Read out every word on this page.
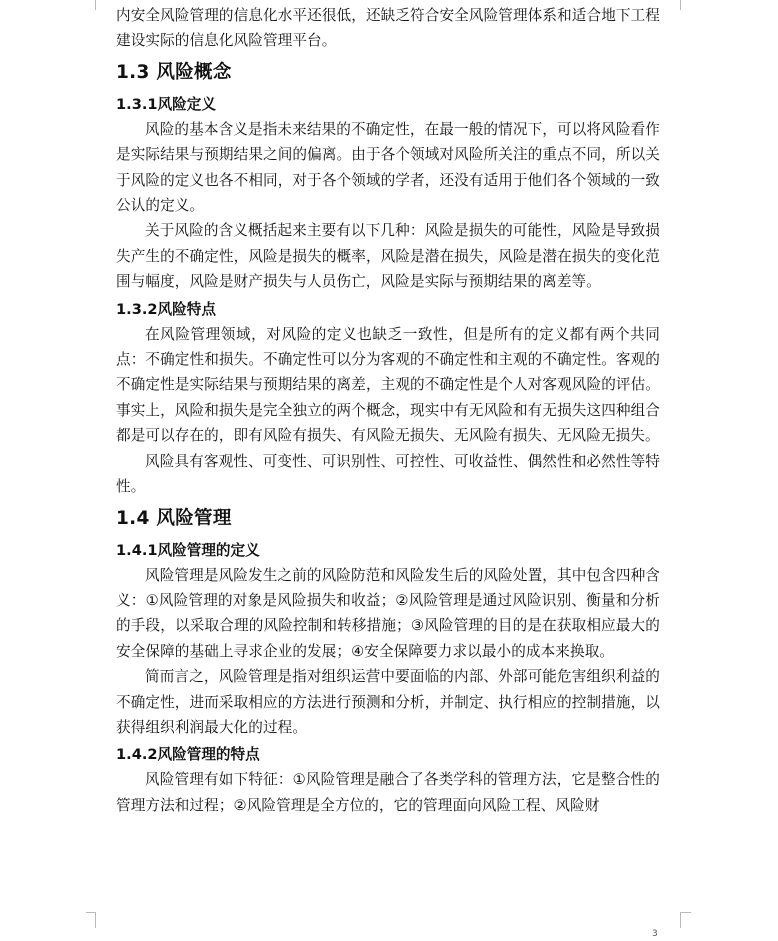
内安全风险管理的信息化水平还很低，还缺乏符合安全风险管理体系和适合地下工程建设实际的信息化风险管理平台。

1.3 风险概念
1.3.1风险定义

风险的基本含义是指未来结果的不确定性，在最一般的情况下，可以将风险看作是实际结果与预期结果之间的偏离。由于各个领域对风险所关注的重点不同，所以关于风险的定义也各不相同，对于各个领域的学者，还没有适用于他们各个领域的一致公认的定义。

关于风险的含义概括起来主要有以下几种：风险是损失的可能性，风险是导致损失产生的不确定性，风险是损失的概率，风险是潜在损失，风险是潜在损失的变化范围与幅度，风险是财产损失与人员伤亡，风险是实际与预期结果的离差等。

1.3.2风险特点

在风险管理领域，对风险的定义也缺乏一致性，但是所有的定义都有两个共同点：不确定性和损失。不确定性可以分为客观的不确定性和主观的不确定性。客观的不确定性是实际结果与预期结果的离差，主观的不确定性是个人对客观风险的评估。事实上，风险和损失是完全独立的两个概念，现实中有无风险和有无损失这四种组合都是可以存在的，即有风险有损失、有风险无损失、无风险有损失、无风险无损失。

风险具有客观性、可变性、可识别性、可控性、可收益性、偶然性和必然性等特性。

1.4 风险管理
1.4.1风险管理的定义

风险管理是风险发生之前的风险防范和风险发生后的风险处置，其中包含四种含义：①风险管理的对象是风险损失和收益；②风险管理是通过风险识别、衡量和分析的手段，以采取合理的风险控制和转移措施；③风险管理的目的是在获取相应最大的安全保障的基础上寻求企业的发展；④安全保障要力求以最小的成本来换取。

简而言之，风险管理是指对组织运营中要面临的内部、外部可能危害组织利益的不确定性，进而采取相应的方法进行预测和分析，并制定、执行相应的控制措施，以获得组织利润最大化的过程。

1.4.2风险管理的特点

风险管理有如下特征：①风险管理是融合了各类学科的管理方法，它是整合性的管理方法和过程；②风险管理是全方位的，它的管理面向风险工程、风险财

3
